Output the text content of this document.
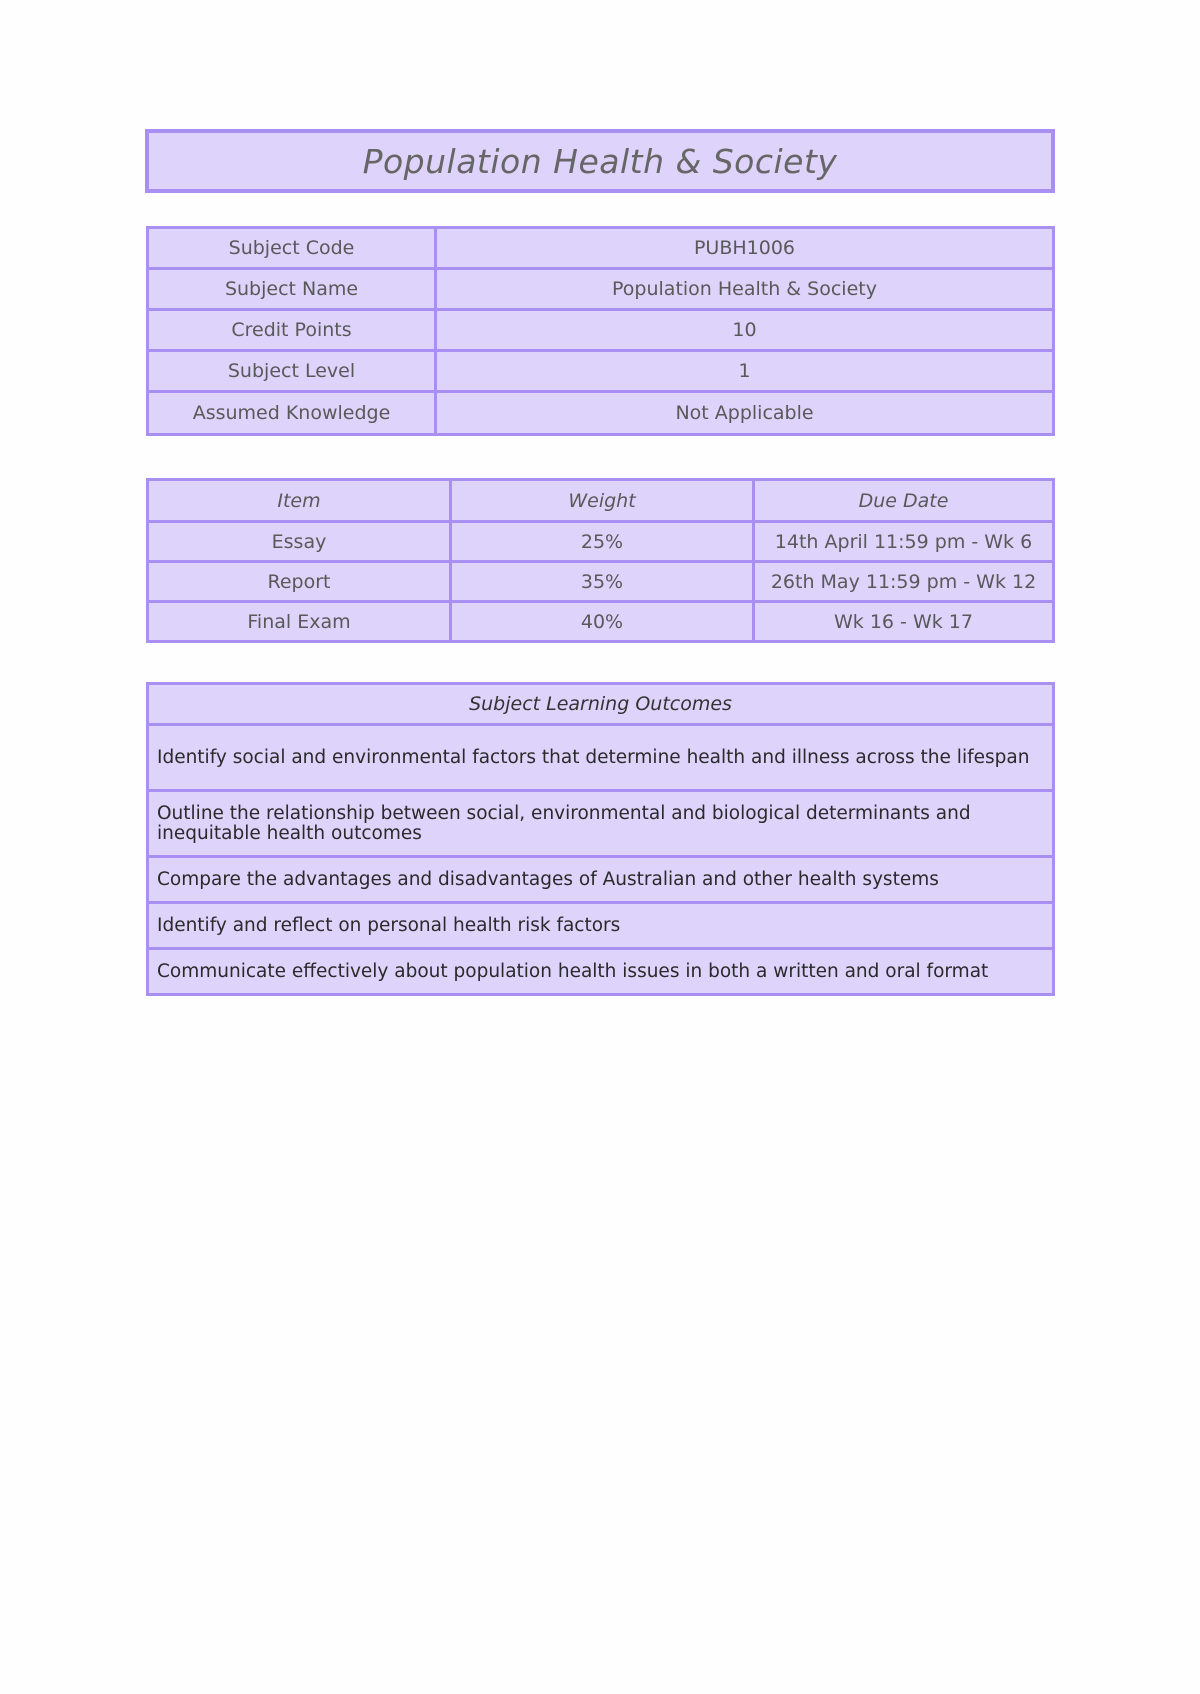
Population Health & Society
Subject Code	PUBH1006
Subject Name	Population Health & Society
Credit Points	10
Subject Level	1
Assumed Knowledge	Not Applicable
Item	Weight	Due Date
Essay	25%	14th April 11:59 pm - Wk 6
Report	35%	26th May 11:59 pm - Wk 12
Final Exam	40%	Wk 16 - Wk 17
Subject Learning Outcomes
Identify social and environmental factors that determine health and illness across the lifespan
Outline the relationship between social, environmental and biological determinants and inequitable health outcomes
Compare the advantages and disadvantages of Australian and other health systems
Identify and reflect on personal health risk factors
Communicate effectively about population health issues in both a written and oral format
